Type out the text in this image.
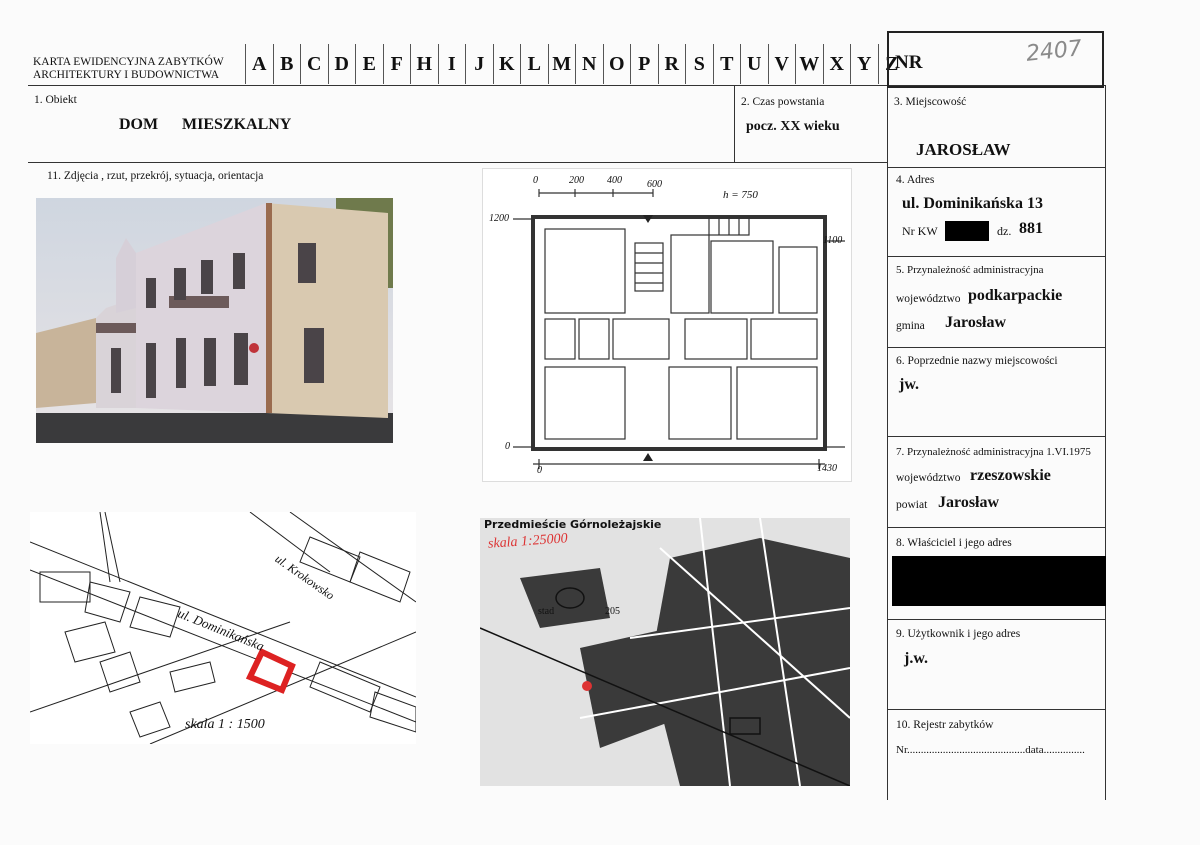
KARTA EWIDENCYJNA ZABYTKÓW
ARCHITEKTURY I BUDOWNICTWA	A B C D E F H I J K L M N O P R S T U V W X Y Z
NR	2407
1. Obiekt
DOM MIESZKALNY
2. Czas powstania
pocz. XX wieku
3. Miejscowość
JAROSŁAW
11. Zdjęcia , rzut, przekrój, sytuacja, orientacja	4. Adres
ul. Dominikańska 13
Nr KW	dz. 881
5. Przynależność administracyjna
województwo podkarpackie
gmina Jarosław
6. Poprzednie nazwy miejscowości
jw.
7. Przynależność administracyjna 1.VI.1975
województwo rzeszowskie
powiat Jarosław
8. Właściciel i jego adres
9. Użytkownik i jego adres
j.w.
10. Rejestr zabytków
Nr...........................................data...............
0	200 400	600
h = 750
1200
0
1100
0	1430
ul. Krokowsko
ul. Dominikańska
skala 1 : 1500
Przedmieście Górnoleżajskie
skala 1:25000
stad	205
